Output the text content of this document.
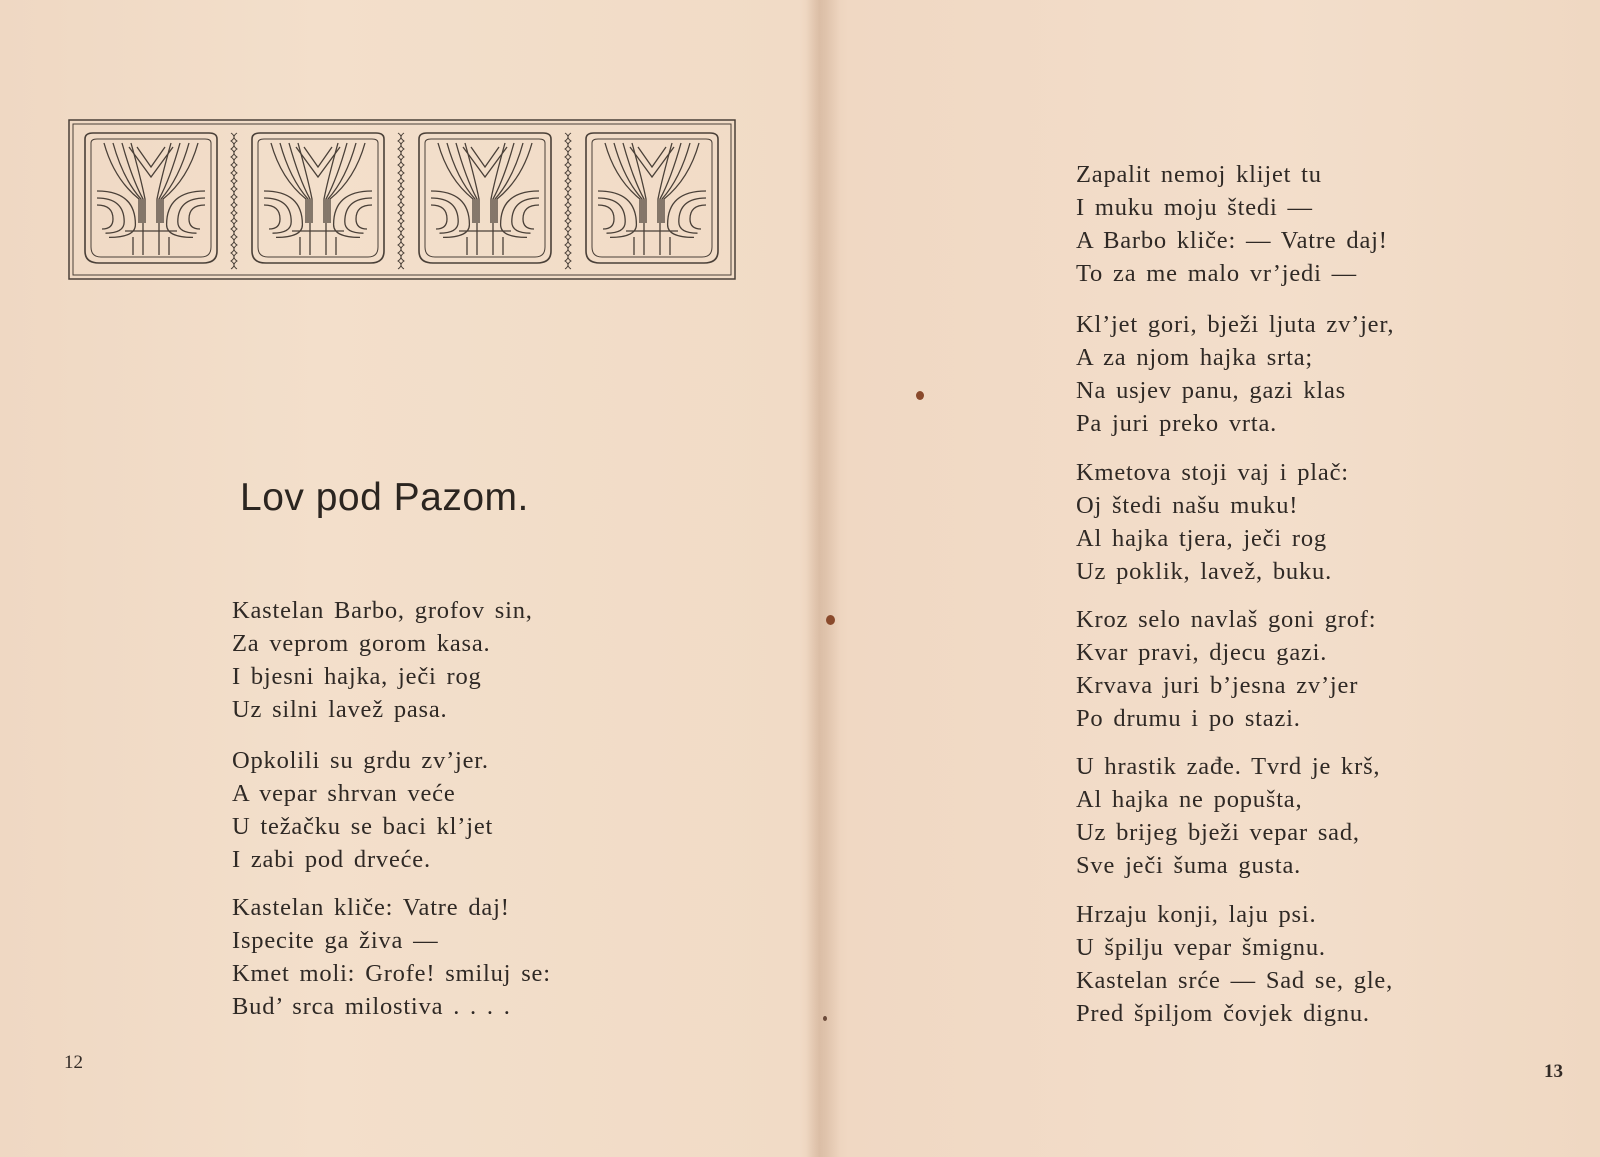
Lov pod Pazom.
Kastelan Barbo, grofov sin,
Za veprom gorom kasa.
I bjesni hajka, ječi rog
Uz silni lavež pasa.
Opkolili su grdu zv’jer.
A vepar shrvan veće
U težačku se baci kl’jet
I zabi pod drveće.
Kastelan kliče: Vatre daj!
Ispecite ga živa —
Kmet moli: Grofe! smiluj se:
Bud’ srca milostiva . . . .
12
Zapalit nemoj klijet tu
I muku moju štedi —
A Barbo kliče: — Vatre daj!
To za me malo vr’jedi —
Kl’jet gori, bježi ljuta zv’jer,
A za njom hajka srta;
Na usjev panu, gazi klas
Pa juri preko vrta.
Kmetova stoji vaj i plač:
Oj štedi našu muku!
Al hajka tjera, ječi rog
Uz poklik, lavež, buku.
Kroz selo navlaš goni grof:
Kvar pravi, djecu gazi.
Krvava juri b’jesna zv’jer
Po drumu i po stazi.
U hrastik zađe. Tvrd je krš,
Al hajka ne popušta,
Uz brijeg bježi vepar sad,
Sve ječi šuma gusta.
Hrzaju konji, laju psi.
U špilju vepar šmignu.
Kastelan srće — Sad se, gle,
Pred špiljom čovjek dignu.
13
